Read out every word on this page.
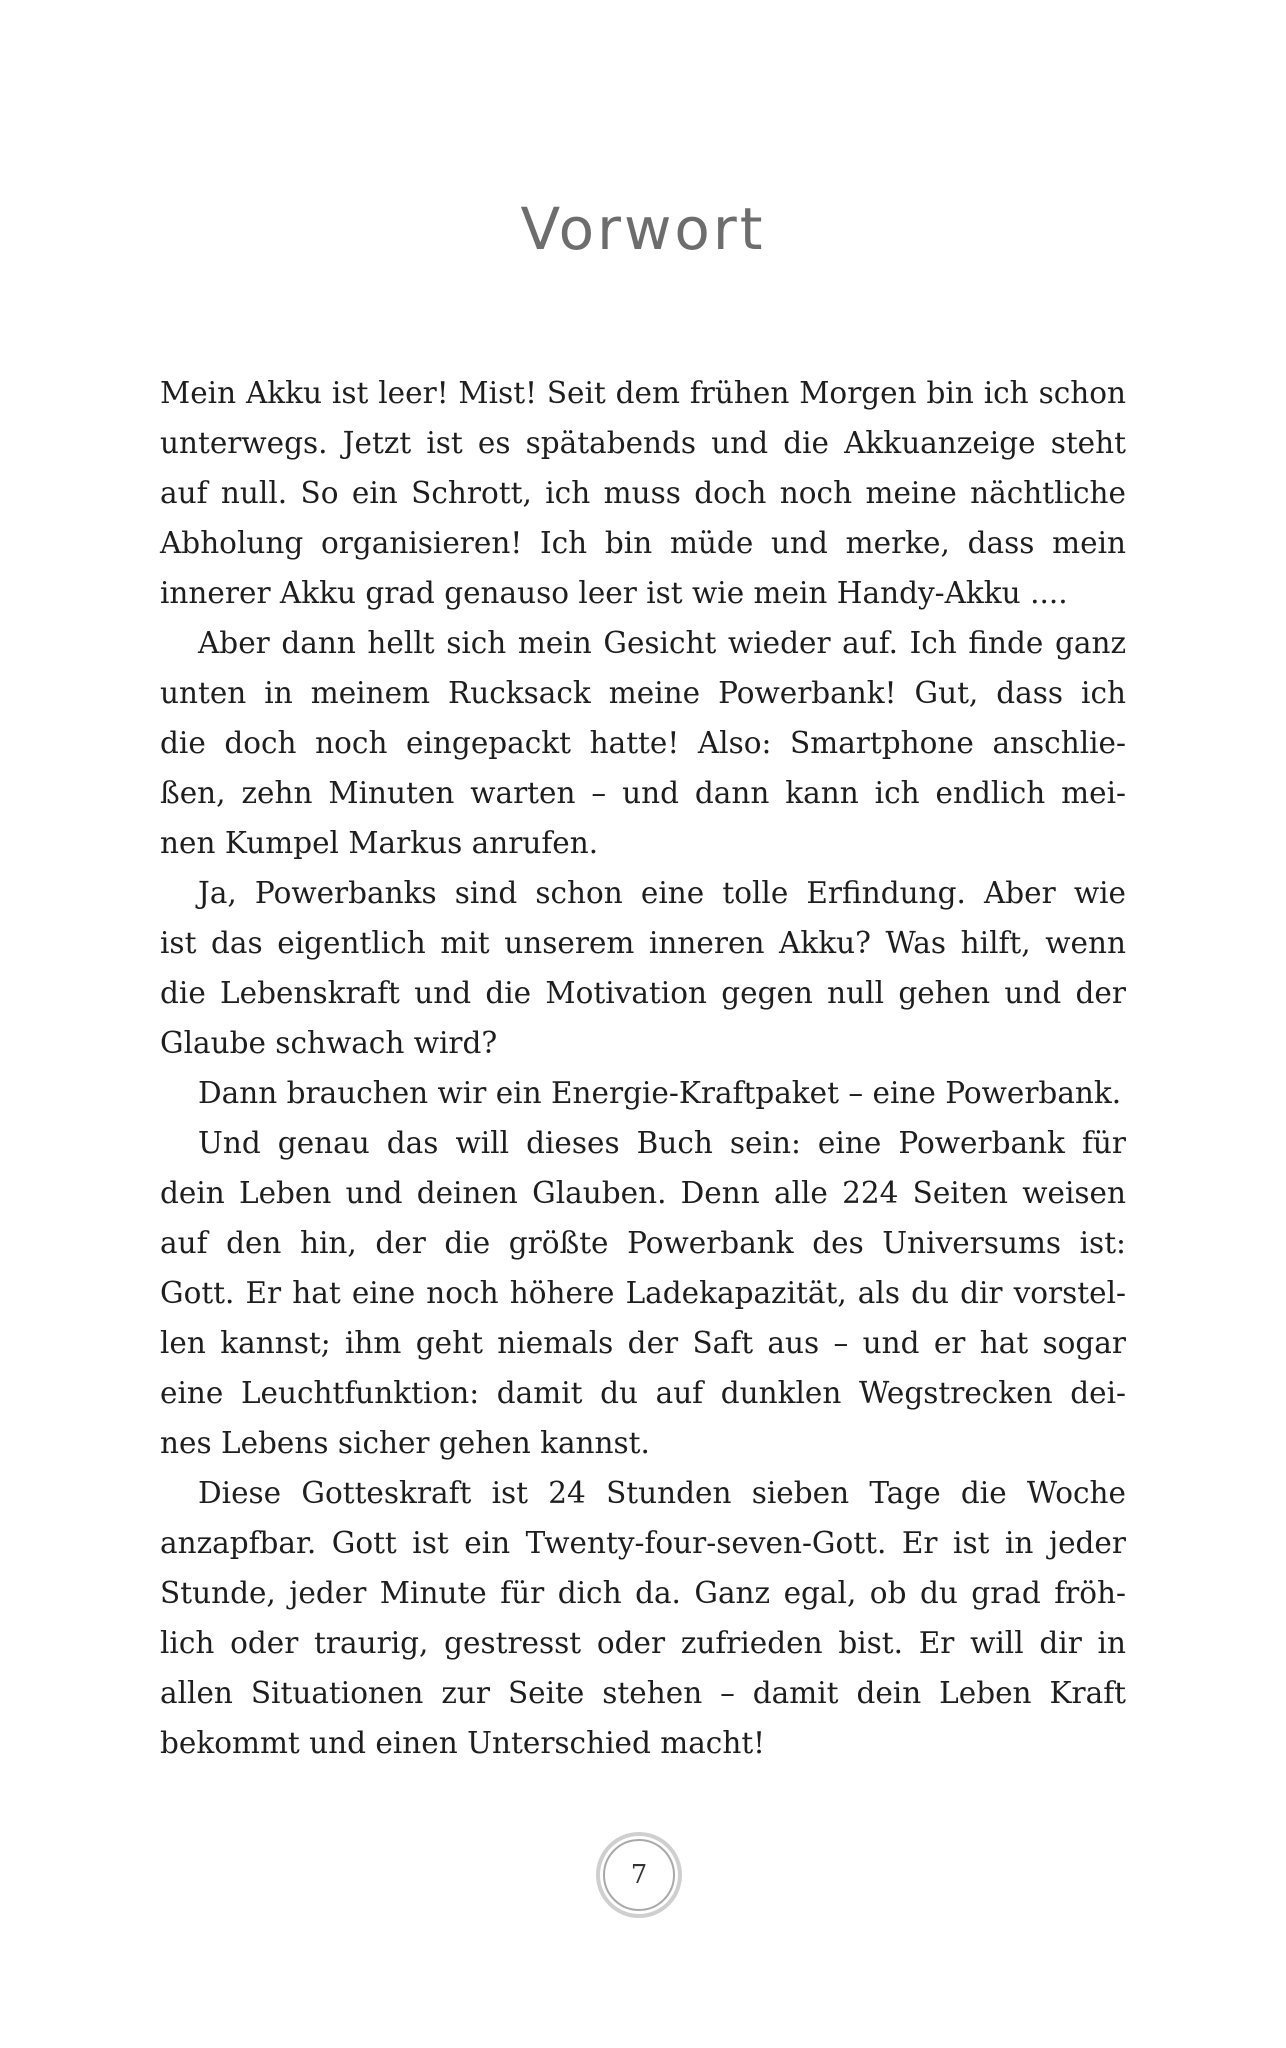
Vorwort
Mein Akku ist leer! Mist! Seit dem frühen Morgen bin ich schon
unterwegs. Jetzt ist es spätabends und die Akkuanzeige steht
auf null. So ein Schrott, ich muss doch noch meine nächtliche
Abholung organisieren! Ich bin müde und merke, dass mein
innerer Akku grad genauso leer ist wie mein Handy-Akku ....
Aber dann hellt sich mein Gesicht wieder auf. Ich finde ganz
unten in meinem Rucksack meine Powerbank! Gut, dass ich
die doch noch eingepackt hatte! Also: Smartphone anschlie-
ßen, zehn Minuten warten – und dann kann ich endlich mei-
nen Kumpel Markus anrufen.
Ja, Powerbanks sind schon eine tolle Erfindung. Aber wie
ist das eigentlich mit unserem inneren Akku? Was hilft, wenn
die Lebenskraft und die Motivation gegen null gehen und der
Glaube schwach wird?
Dann brauchen wir ein Energie-Kraftpaket – eine Powerbank.
Und genau das will dieses Buch sein: eine Powerbank für
dein Leben und deinen Glauben. Denn alle 224 Seiten weisen
auf den hin, der die größte Powerbank des Universums ist:
Gott. Er hat eine noch höhere Ladekapazität, als du dir vorstel-
len kannst; ihm geht niemals der Saft aus – und er hat sogar
eine Leuchtfunktion: damit du auf dunklen Wegstrecken dei-
nes Lebens sicher gehen kannst.
Diese Gotteskraft ist 24 Stunden sieben Tage die Woche
anzapfbar. Gott ist ein Twenty-four-seven-Gott. Er ist in jeder
Stunde, jeder Minute für dich da. Ganz egal, ob du grad fröh-
lich oder traurig, gestresst oder zufrieden bist. Er will dir in
allen Situationen zur Seite stehen – damit dein Leben Kraft
bekommt und einen Unterschied macht!
7
